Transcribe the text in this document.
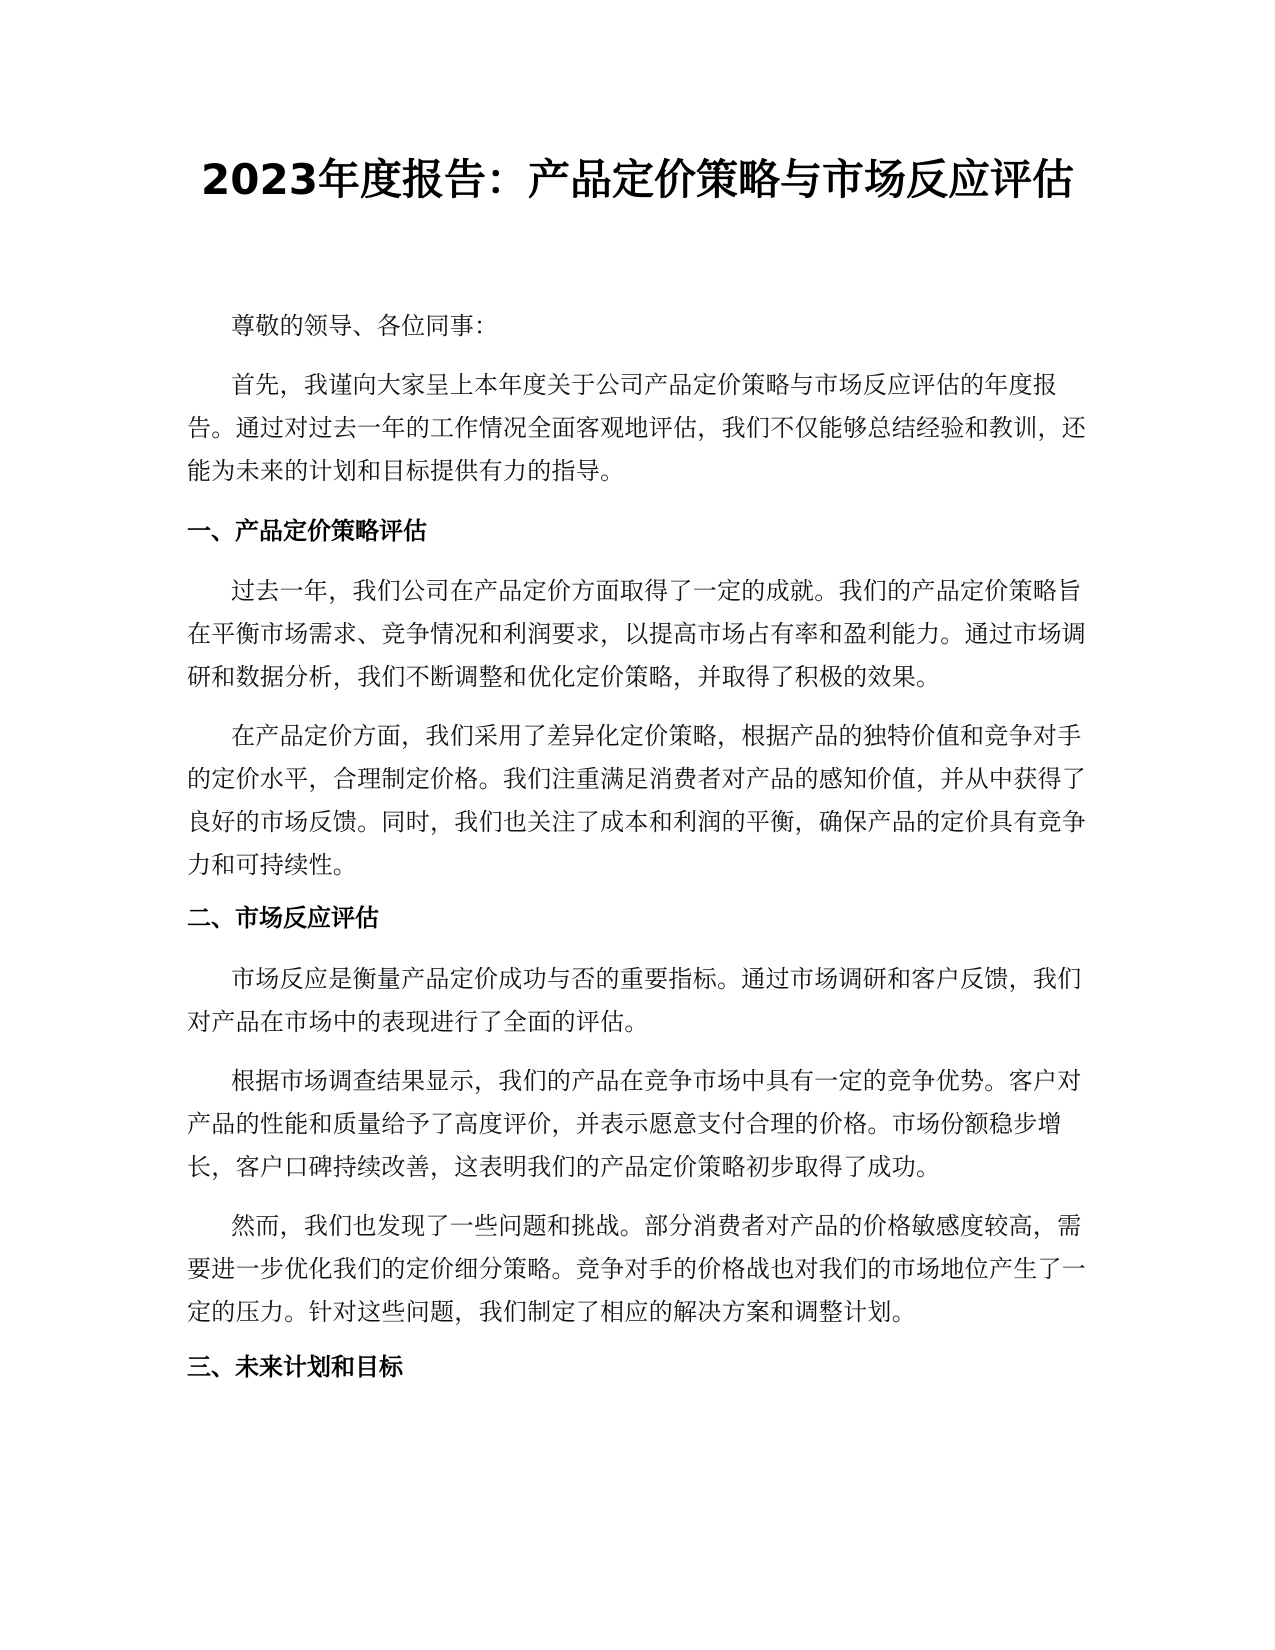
2023年度报告：产品定价策略与市场反应评估

尊敬的领导、各位同事：

首先，我谨向大家呈上本年度关于公司产品定价策略与市场反应评估的年度报告。通过对过去一年的工作情况全面客观地评估，我们不仅能够总结经验和教训，还能为未来的计划和目标提供有力的指导。

一、产品定价策略评估

过去一年，我们公司在产品定价方面取得了一定的成就。我们的产品定价策略旨在平衡市场需求、竞争情况和利润要求，以提高市场占有率和盈利能力。通过市场调研和数据分析，我们不断调整和优化定价策略，并取得了积极的效果。

在产品定价方面，我们采用了差异化定价策略，根据产品的独特价值和竞争对手的定价水平，合理制定价格。我们注重满足消费者对产品的感知价值，并从中获得了良好的市场反馈。同时，我们也关注了成本和利润的平衡，确保产品的定价具有竞争力和可持续性。

二、市场反应评估

市场反应是衡量产品定价成功与否的重要指标。通过市场调研和客户反馈，我们对产品在市场中的表现进行了全面的评估。

根据市场调查结果显示，我们的产品在竞争市场中具有一定的竞争优势。客户对产品的性能和质量给予了高度评价，并表示愿意支付合理的价格。市场份额稳步增长，客户口碑持续改善，这表明我们的产品定价策略初步取得了成功。

然而，我们也发现了一些问题和挑战。部分消费者对产品的价格敏感度较高，需要进一步优化我们的定价细分策略。竞争对手的价格战也对我们的市场地位产生了一定的压力。针对这些问题，我们制定了相应的解决方案和调整计划。

三、未来计划和目标
